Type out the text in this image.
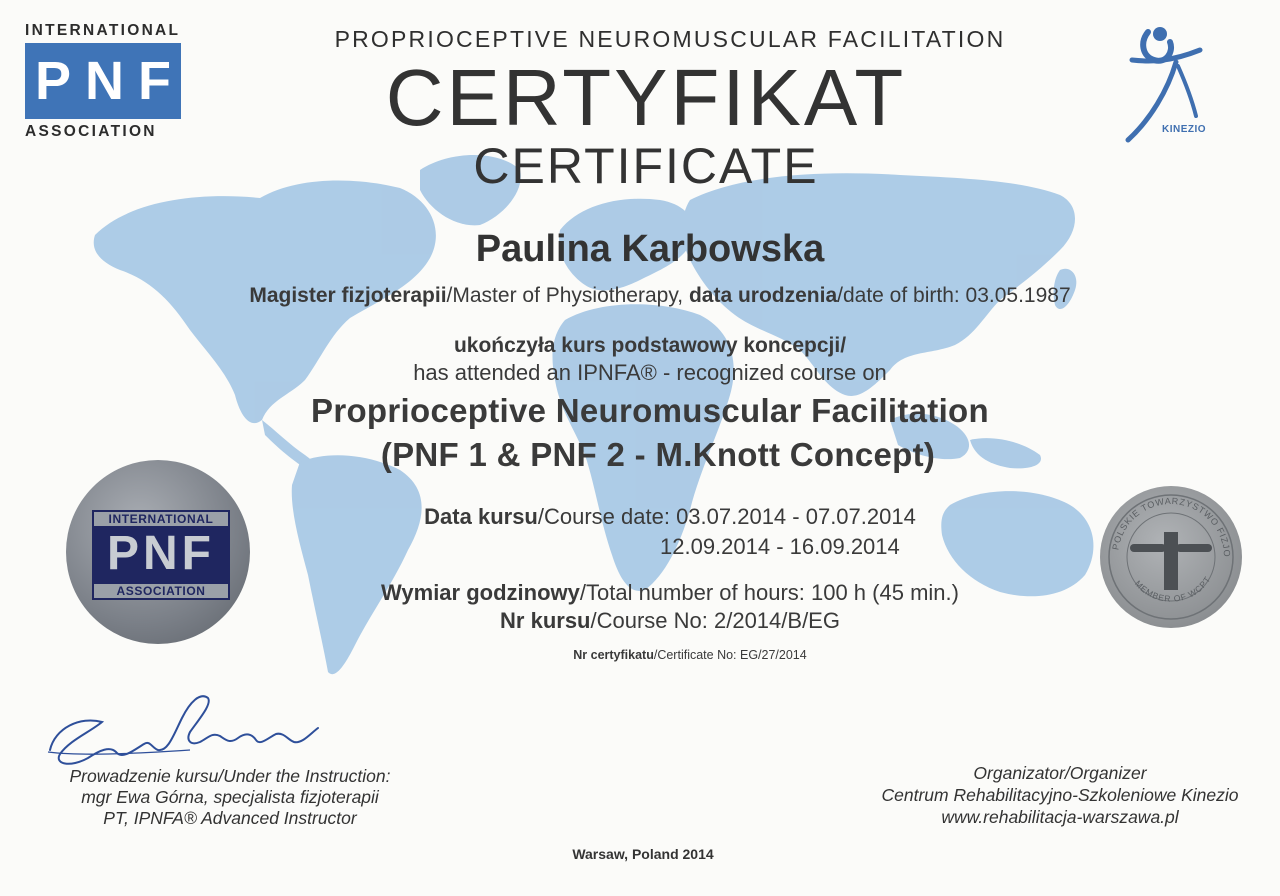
INTERNATIONAL
PNF
ASSOCIATION	KINEZIO
PROPRIOCEPTIVE NEUROMUSCULAR FACILITATION
CERTYFIKAT
CERTIFICATE
Paulina Karbowska
Magister fizjoterapii/Master of Physiotherapy, data urodzenia/date of birth: 03.05.1987
ukończyła kurs podstawowy koncepcji/
has attended an IPNFA® - recognized course on
Proprioceptive Neuromuscular Facilitation
(PNF 1 & PNF 2 - M.Knott Concept)
Data kursu/Course date: 03.07.2014 - 07.07.2014
12.09.2014 - 16.09.2014
Wymiar godzinowy/Total number of hours: 100 h (45 min.)
Nr kursu/Course No: 2/2014/B/EG
Nr certyfikatu/Certificate No: EG/27/2014
INTERNATIONAL
PNF
ASSOCIATION
POLSKIE TOWARZYSTWO FIZJO
MEMBER OF WCPT
Prowadzenie kursu/Under the Instruction:
mgr Ewa Górna, specjalista fizjoterapii
PT, IPNFA® Advanced Instructor
Organizator/Organizer
Centrum Rehabilitacyjno-Szkoleniowe Kinezio
www.rehabilitacja-warszawa.pl
Warsaw, Poland 2014
